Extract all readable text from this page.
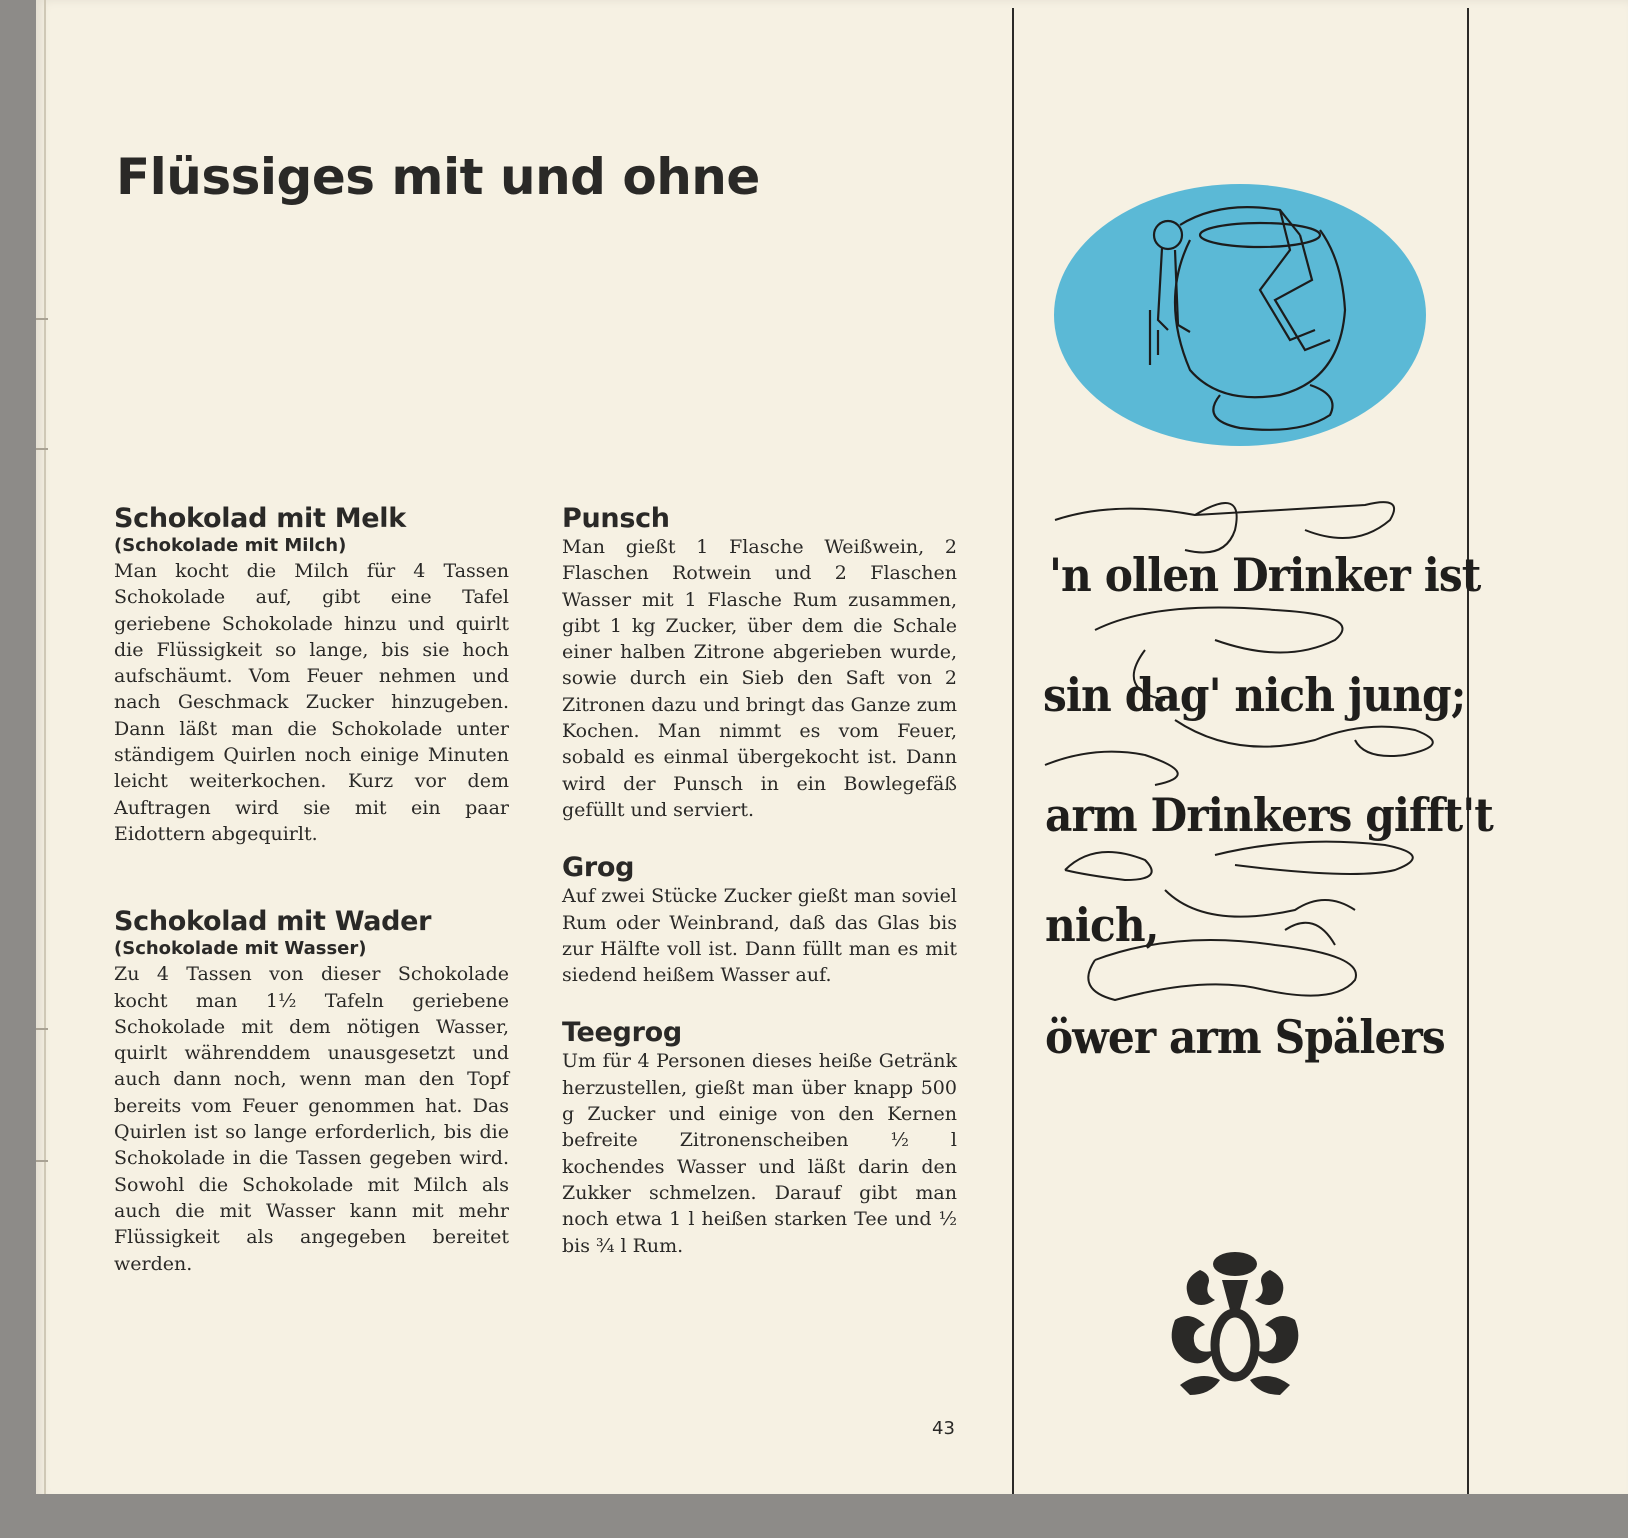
Flüssiges mit und ohne
Schokolad mit Melk
(Schokolade mit Milch)
Man kocht die Milch für 4 Tassen Schokolade auf, gibt eine Tafel geriebene Schokolade hinzu und quirlt die Flüssigkeit so lange, bis sie hoch aufschäumt. Vom Feuer nehmen und nach Geschmack Zucker hinzugeben. Dann läßt man die Schokolade unter ständigem Quirlen noch einige Minuten leicht weiterkochen. Kurz vor dem Auftragen wird sie mit ein paar Eidottern abgequirlt.
Schokolad mit Wader
(Schokolade mit Wasser)
Zu 4 Tassen von dieser Schokolade kocht man 1½ Tafeln geriebene Schokolade mit dem nötigen Wasser, quirlt währenddem unausgesetzt und auch dann noch, wenn man den Topf bereits vom Feuer genommen hat. Das Quirlen ist so lange erforderlich, bis die Schokolade in die Tassen gegeben wird. Sowohl die Schokolade mit Milch als auch die mit Wasser kann mit mehr Flüssigkeit als angegeben bereitet werden.
Punsch
Man gießt 1 Flasche Weißwein, 2 Flaschen Rotwein und 2 Flaschen Wasser mit 1 Flasche Rum zusammen, gibt 1 kg Zucker, über dem die Schale einer halben Zitrone abgerieben wurde, sowie durch ein Sieb den Saft von 2 Zitronen dazu und bringt das Ganze zum Kochen. Man nimmt es vom Feuer, sobald es einmal übergekocht ist. Dann wird der Punsch in ein Bowlegefäß gefüllt und serviert.
Grog
Auf zwei Stücke Zucker gießt man soviel Rum oder Weinbrand, daß das Glas bis zur Hälfte voll ist. Dann füllt man es mit siedend heißem Wasser auf.
Teegrog
Um für 4 Personen dieses heiße Getränk herzustellen, gießt man über knapp 500 g Zucker und einige von den Kernen befreite Zitronenscheiben ½ l kochendes Wasser und läßt darin den Zukker schmelzen. Darauf gibt man noch etwa 1 l heißen starken Tee und ½ bis ¾ l Rum.
43
'n ollen Drinker ist
sin dag' nich jung;
arm Drinkers gifft't
nich,
öwer arm Spälers
